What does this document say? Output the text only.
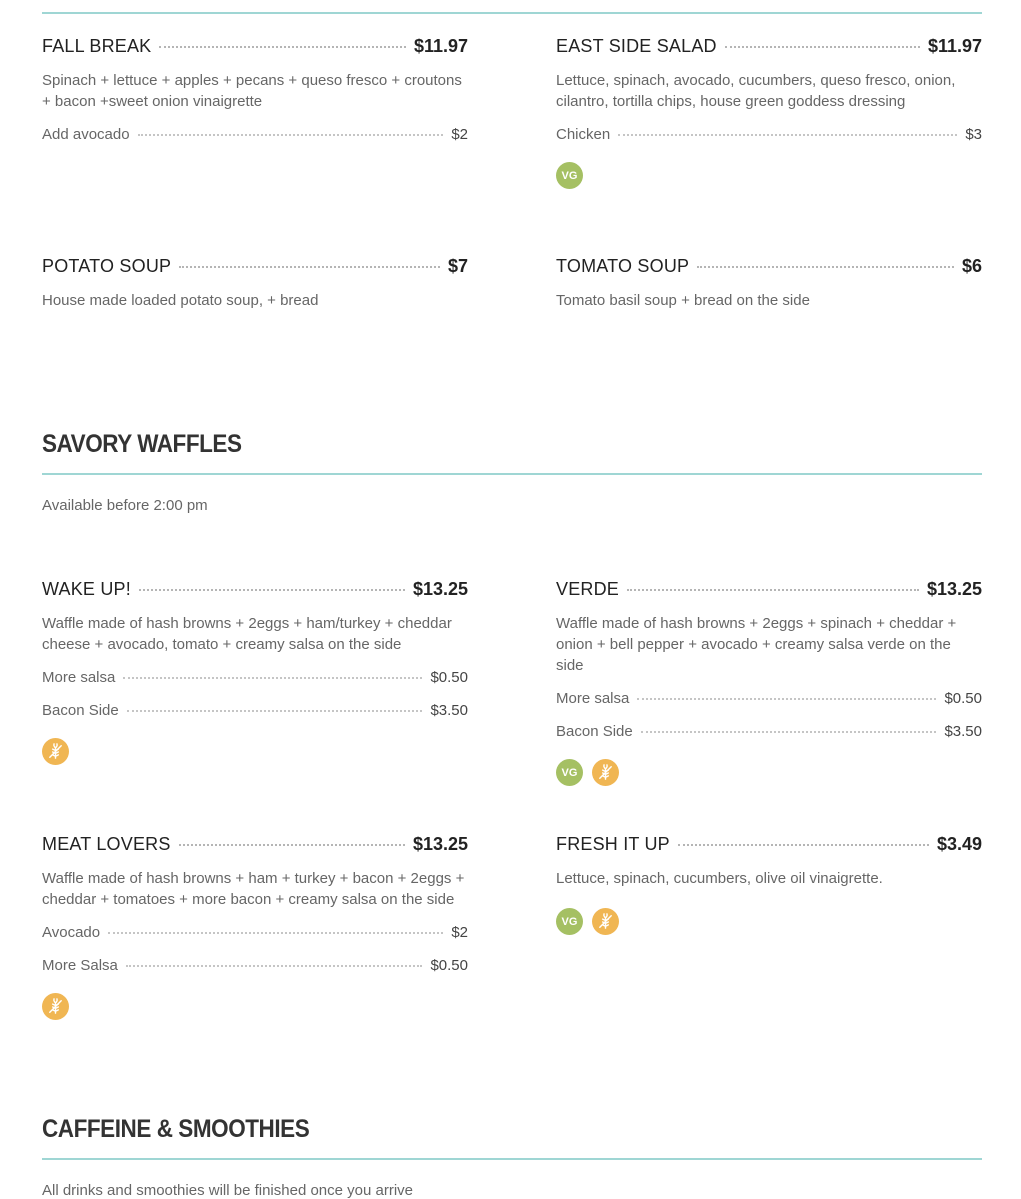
FALL BREAK	$11.97
Spinach + lettuce + apples + pecans + queso fresco + croutons
+ bacon +sweet onion vinaigrette
Add avocado	$2
EAST SIDE SALAD	$11.97
Lettuce, spinach, avocado, cucumbers, queso fresco, onion,
cilantro, tortilla chips, house green goddess dressing
Chicken	$3
VG
POTATO SOUP	$7
House made loaded potato soup, + bread
TOMATO SOUP	$6
Tomato basil soup + bread on the side
SAVORY WAFFLES
Available before 2:00 pm
WAKE UP!	$13.25
Waffle made of hash browns + 2eggs + ham/turkey + cheddar
cheese + avocado, tomato + creamy salsa on the side
More salsa	$0.50
Bacon Side	$3.50
VERDE	$13.25
Waffle made of hash browns + 2eggs + spinach + cheddar +
onion + bell pepper + avocado + creamy salsa verde on the side
More salsa	$0.50
Bacon Side	$3.50
VG
MEAT LOVERS	$13.25
Waffle made of hash browns + ham + turkey + bacon + 2eggs +
cheddar + tomatoes + more bacon + creamy salsa on the side
Avocado	$2
More Salsa	$0.50
FRESH IT UP	$3.49
Lettuce, spinach, cucumbers, olive oil vinaigrette.
VG
CAFFEINE & SMOOTHIES
All drinks and smoothies will be finished once you arrive
